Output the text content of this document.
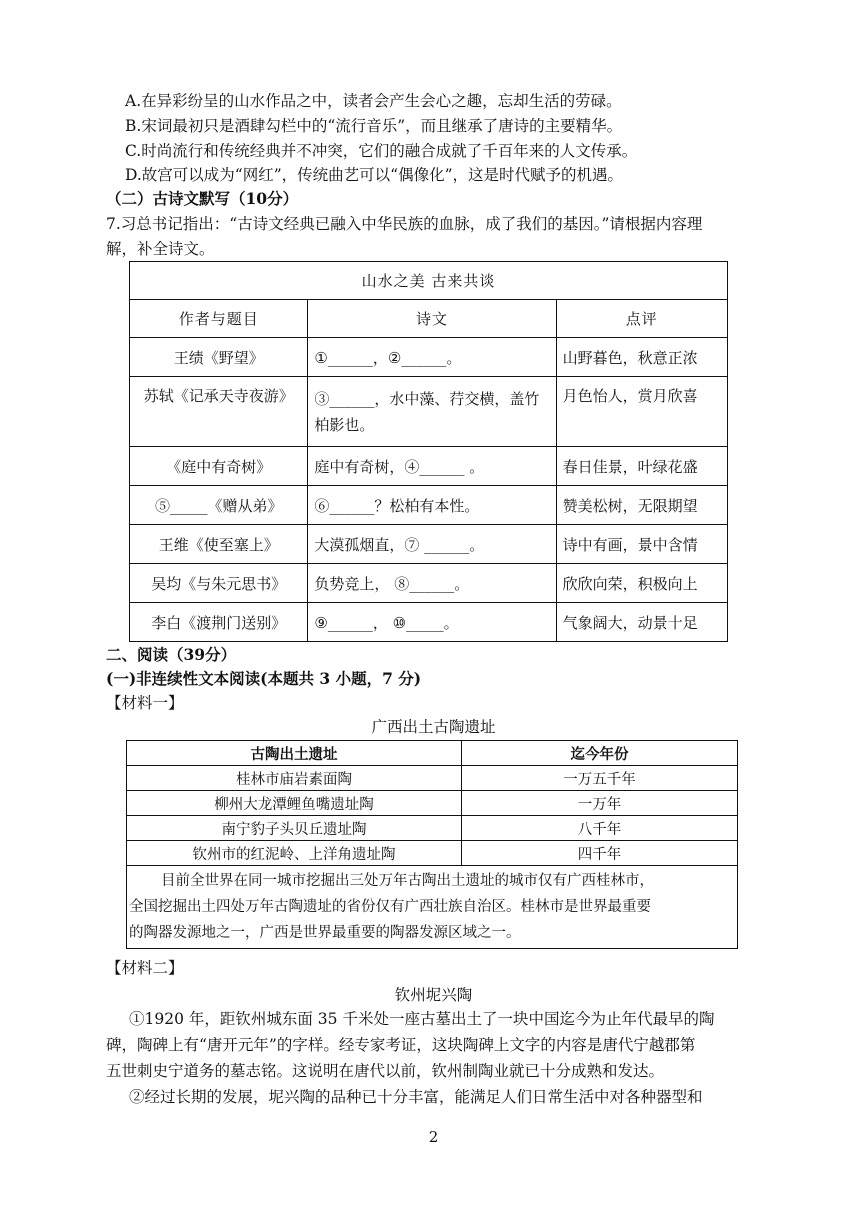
A.在异彩纷呈的山水作品之中，读者会产生会心之趣，忘却生活的劳碌。
B.宋词最初只是酒肆勾栏中的“流行音乐”，而且继承了唐诗的主要精华。
C.时尚流行和传统经典并不冲突，它们的融合成就了千百年来的人文传承。
D.故宫可以成为“网红”，传统曲艺可以“偶像化”，这是时代赋予的机遇。
（二）古诗文默写（10分）
7.习总书记指出：“古诗文经典已融入中华民族的血脉，成了我们的基因。”请根据内容理
解，补全诗文。
山水之美 古来共谈		
作者与题目	诗文	点评
王绩《野望》	①______，②______。	山野暮色，秋意正浓
苏轼《记承天寺夜游》	③______，水中藻、荇交横，盖竹柏影也。	月色怡人，赏月欣喜
《庭中有奇树》	庭中有奇树，④______ 。	春日佳景，叶绿花盛
⑤_____《赠从弟》	⑥______？松柏有本性。	赞美松树，无限期望
王维《使至塞上》	大漠孤烟直，⑦ ______。	诗中有画，景中含情
吴均《与朱元思书》	负势竞上， ⑧______。	欣欣向荣，积极向上
李白《渡荆门送别》	⑨______， ⑩_____。	气象阔大，动景十足
二、阅读（39分）
(一)非连续性文本阅读(本题共 3 小题，7 分)
【材料一】
广西出土古陶遗址
古陶出土遗址	迄今年份
桂林市庙岩素面陶	一万五千年
柳州大龙潭鲤鱼嘴遗址陶	一万年
南宁豹子头贝丘遗址陶	八千年
钦州市的红泥岭、上洋角遗址陶	四千年

目前全世界在同一城市挖掘出三处万年古陶出土遗址的城市仅有广西桂林市，
全国挖掘出土四处万年古陶遗址的省份仅有广西壮族自治区。桂林市是世界最重要
的陶器发源地之一，广西是世界最重要的陶器发源区域之一。	
【材料二】
钦州坭兴陶
①1920 年，距钦州城东面 35 千米处一座古墓出土了一块中国迄今为止年代最早的陶
碑，陶碑上有“唐开元年”的字样。经专家考证，这块陶碑上文字的内容是唐代宁越郡第
五世刺史宁道务的墓志铭。这说明在唐代以前，钦州制陶业就已十分成熟和发达。
②经过长期的发展，坭兴陶的品种已十分丰富，能满足人们日常生活中对各种器型和
2
